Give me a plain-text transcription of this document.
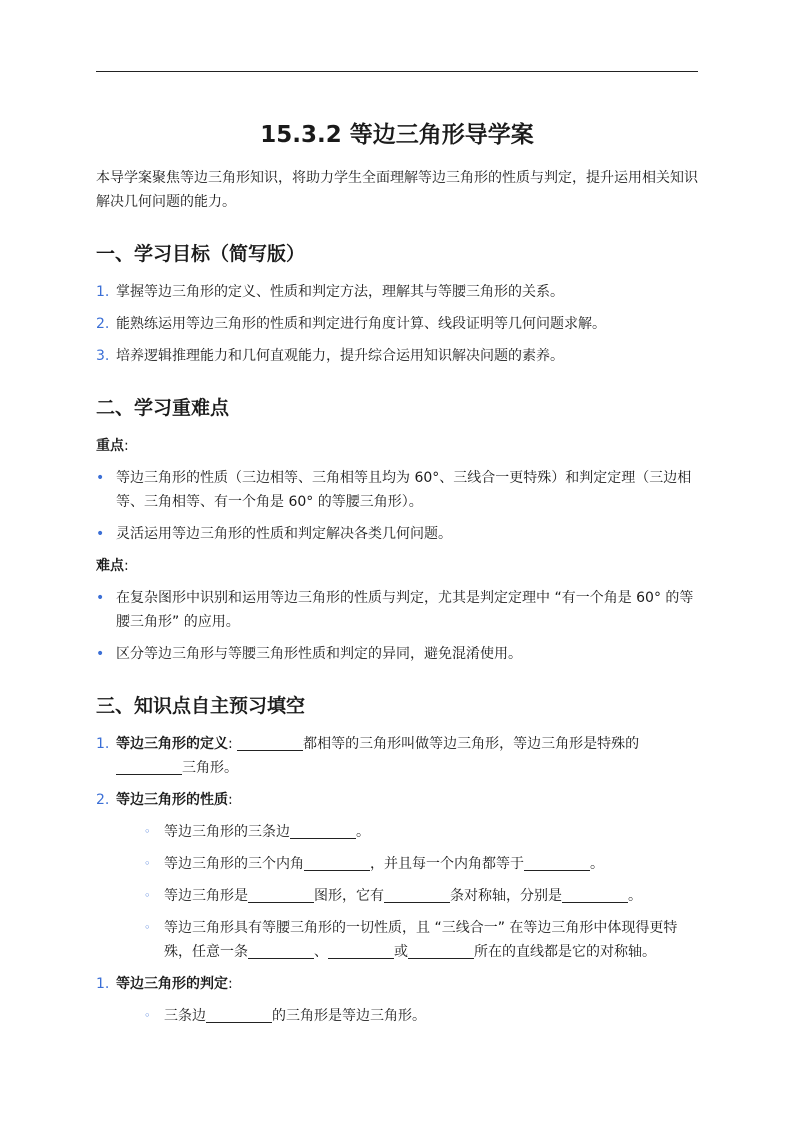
15.3.2 等边三角形导学案

本导学案聚焦等边三角形知识，将助力学生全面理解等边三角形的性质与判定，提升运用相关知识解决几何问题的能力。

一、学习目标（简写版）
1. 掌握等边三角形的定义、性质和判定方法，理解其与等腰三角形的关系。
2. 能熟练运用等边三角形的性质和判定进行角度计算、线段证明等几何问题求解。
3. 培养逻辑推理能力和几何直观能力，提升综合运用知识解决问题的素养。
二、学习重难点
重点:
• 等边三角形的性质（三边相等、三角相等且均为 60°、三线合一更特殊）和判定定理（三边相等、三角相等、有一个角是 60° 的等腰三角形）。
• 灵活运用等边三角形的性质和判定解决各类几何问题。
难点:
• 在复杂图形中识别和运用等边三角形的性质与判定，尤其是判定定理中 “有一个角是 60° 的等腰三角形” 的应用。
• 区分等边三角形与等腰三角形性质和判定的异同，避免混淆使用。
三、知识点自主预习填空
1. 等边三角形的定义:	都相等的三角形叫做等边三角形，等边三角形是特殊的三角形。
2. 等边三角形的性质:
◦ 等边三角形的三条边	。
◦ 等边三角形的三个内角	，并且每一个内角都等于	。
◦ 等边三角形是	图形，它有	条对称轴，分别是	。
◦ 等边三角形具有等腰三角形的一切性质，且 “三线合一” 在等边三角形中体现得更特殊，任意一条	、	或	所在的直线都是它的对称轴。
1. 等边三角形的判定:
◦ 三条边	的三角形是等边三角形。
